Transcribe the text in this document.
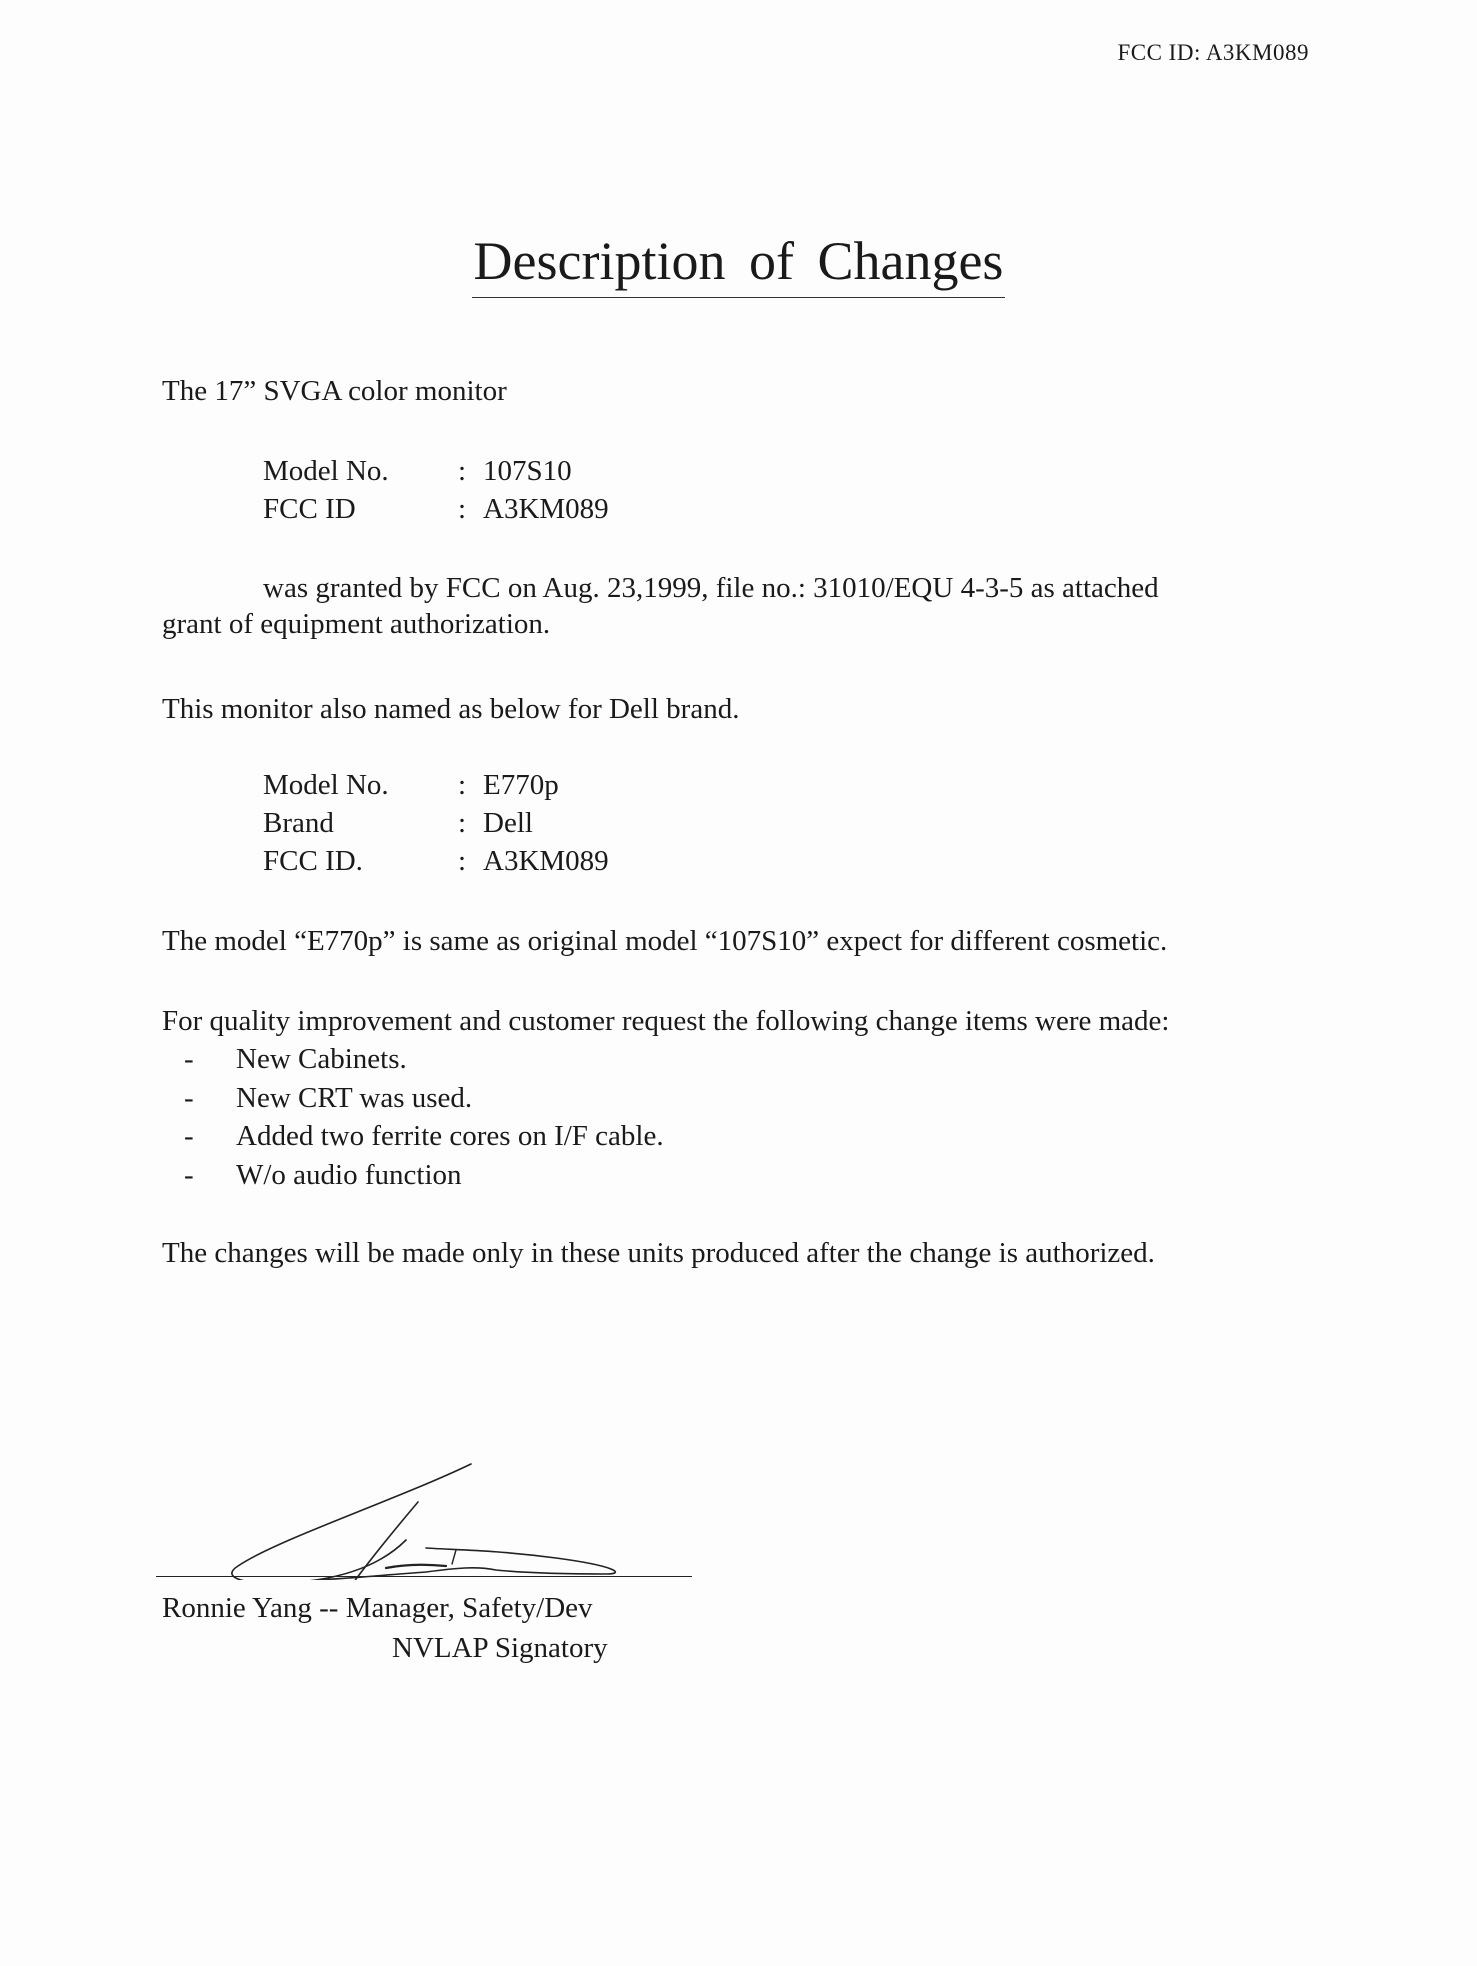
FCC ID: A3KM089
Description of Changes
The 17” SVGA color monitor
Model No.	: 107S10
FCC ID	: A3KM089
was granted by FCC on Aug. 23,1999, file no.: 31010/EQU 4-3-5 as attached
grant of equipment authorization.
This monitor also named as below for Dell brand.
Model No.	: E770p
Brand	: Dell
FCC ID.	: A3KM089
The model “E770p” is same as original model “107S10” expect for different cosmetic.
For quality improvement and customer request the following change items were made:
-	New Cabinets.
-	New CRT was used.
-	Added two ferrite cores on I/F cable.
-	W/o audio function
The changes will be made only in these units produced after the change is authorized.
Ronnie Yang -- Manager, Safety/Dev
NVLAP Signatory
